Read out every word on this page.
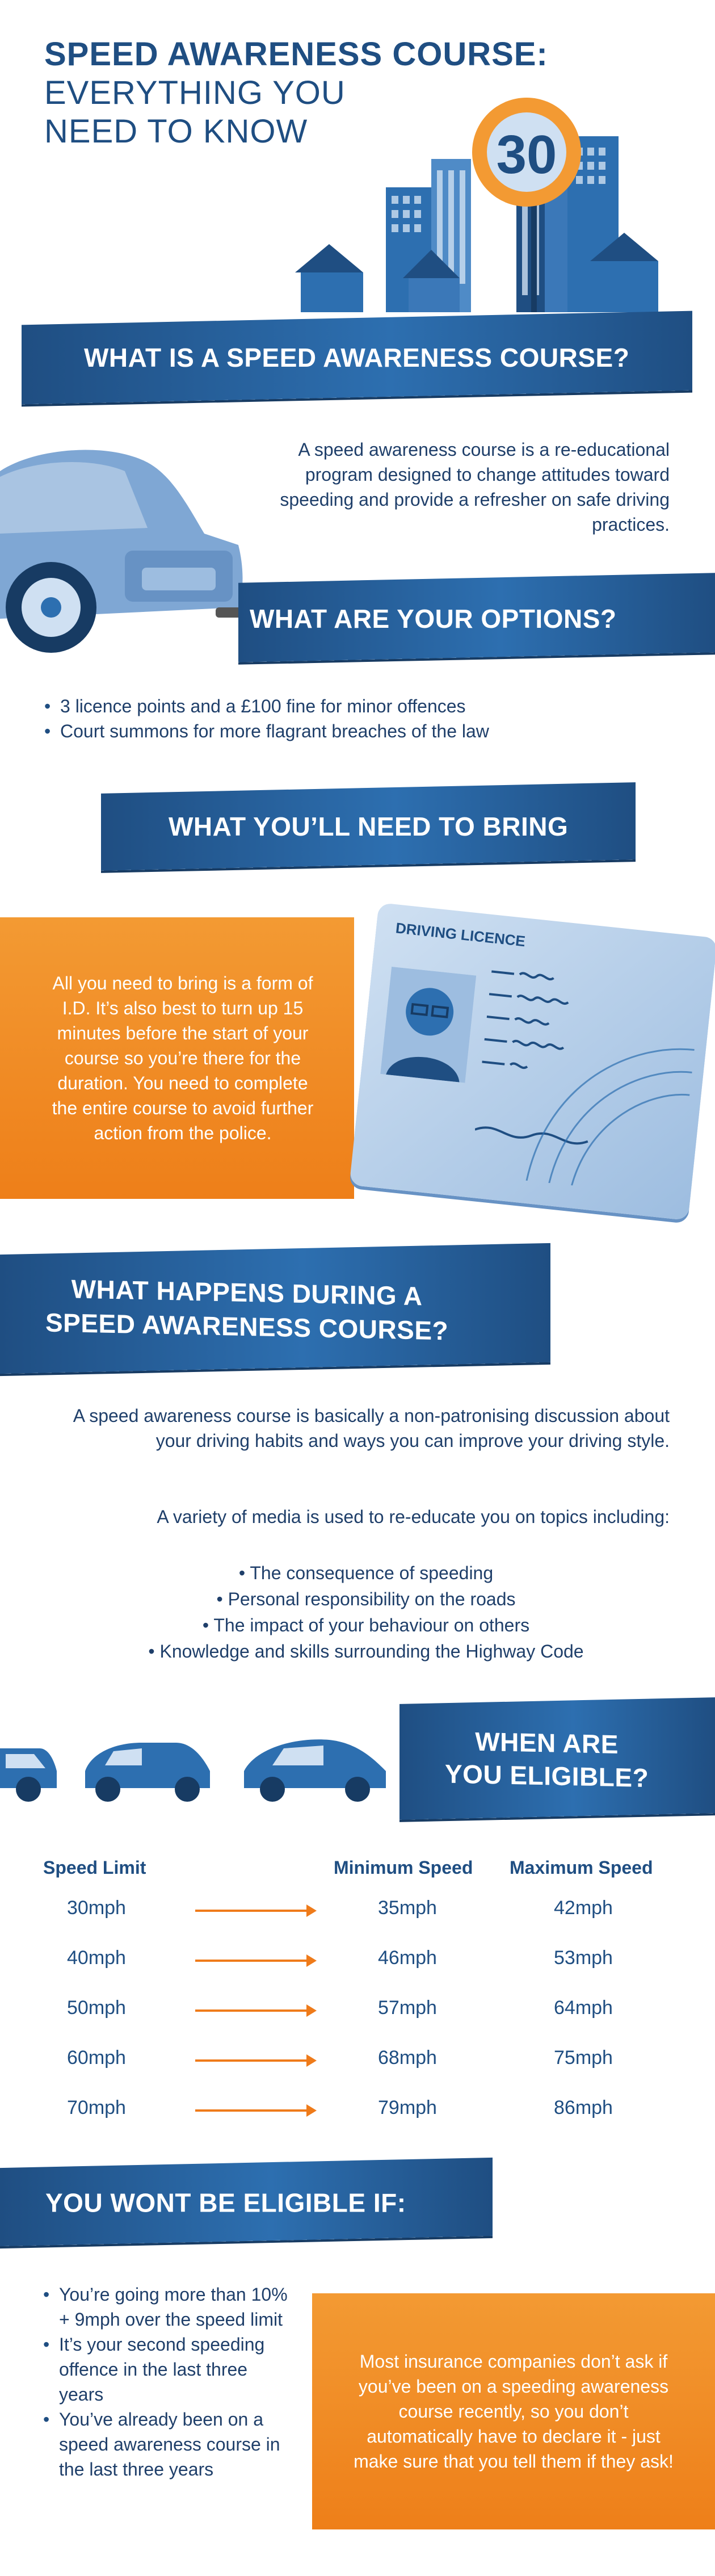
SPEED AWARENESS COURSE:
EVERYTHING YOU
NEED TO KNOW	30
WHAT IS A SPEED AWARENESS COURSE?
A speed awareness course is a re-educational program designed to change attitudes toward speeding and provide a refresher on safe driving practices.
WHAT ARE YOUR OPTIONS?
• 3 licence points and a £100 fine for minor offences
• Court summons for more flagrant breaches of the law
WHAT YOU’LL NEED TO BRING
All you need to bring is a form of I.D. It’s also best to turn up 15 minutes before the start of your course so you’re there for the duration. You need to complete the entire course to avoid further action from the police.
DRIVING LICENCE
WHAT HAPPENS DURING A
SPEED AWARENESS COURSE?
A speed awareness course is basically a non-patronising discussion about your driving habits and ways you can improve your driving style.
A variety of media is used to re-educate you on topics including:
• The consequence of speeding
• Personal responsibility on the roads
• The impact of your behaviour on others
• Knowledge and skills surrounding the Highway Code
WHEN ARE
YOU ELIGIBLE?
Speed Limit	Minimum Speed Maximum Speed
30mph	35mph	42mph
40mph	46mph	53mph
50mph	57mph	64mph
60mph	68mph	75mph
70mph	79mph	86mph
YOU WONT BE ELIGIBLE IF:
• You’re going more than 10% + 9mph over the speed limit
• It’s your second speeding offence in the last three years
• You’ve already been on a speed awareness course in the last three years
Most insurance companies don’t ask if you’ve been on a speeding awareness course recently, so you don’t automatically have to declare it - just make sure that you tell them if they ask!
